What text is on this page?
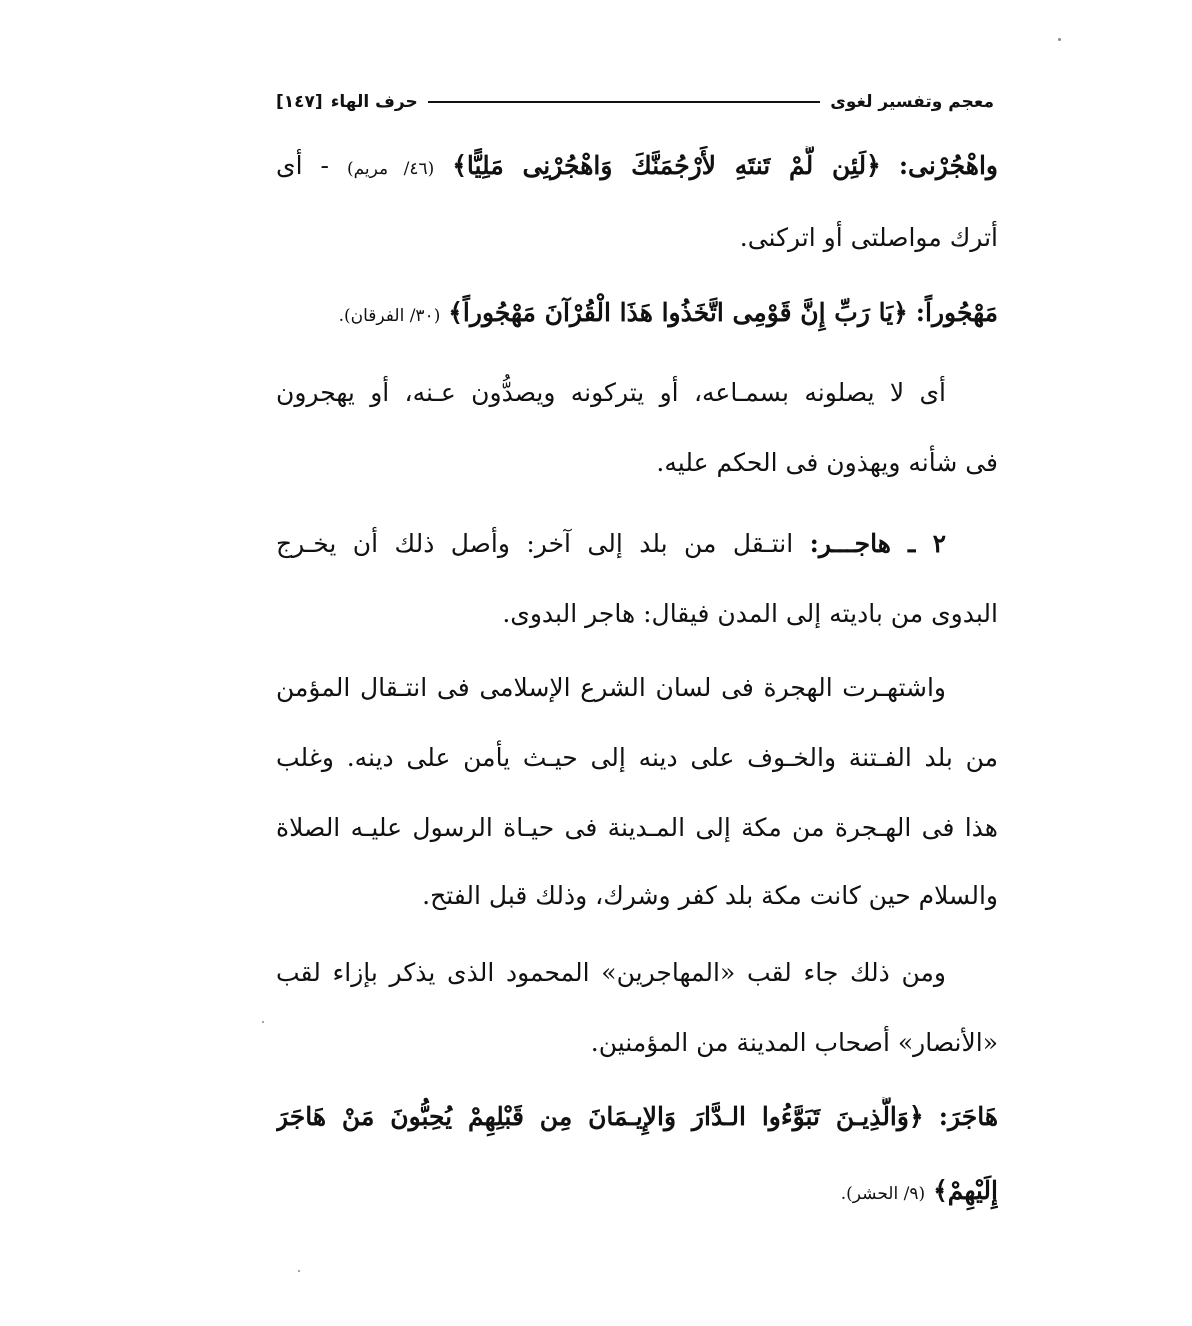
معجم وتفسير لغوى
حرف الهاء
[١٤٧]
واهْجُرْنى: ﴿لَئِن لَّمْ تَنتَهِ لأَرْجُمَنَّكَ وَاهْجُرْنِى مَلِيًّا﴾ (٤٦/ مريم) - أى
أترك مواصلتى أو اتركنى.
مَهْجُوراً: ﴿يَا رَبِّ إِنَّ قَوْمِى اتَّخَذُوا هَذَا الْقُرْآنَ مَهْجُوراً﴾ (٣٠/ الفرقان).
أى لا يصلونه بسمـاعه، أو يتركونه ويصدُّون عـنه، أو يهجرون
فى شأنه ويهذون فى الحكم عليه.
٢ ـ هاجـــر: انتـقل من بلد إلى آخر: وأصل ذلك أن يخـرج
البدوى من باديته إلى المدن فيقال: هاجر البدوى.
واشتهـرت الهجرة فى لسان الشرع الإسلامى فى انتـقال المؤمن
من بلد الفـتنة والخـوف على دينه إلى حيـث يأمن على دينه. وغلب
هذا فى الهـجرة من مكة إلى المـدينة فى حيـاة الرسول عليـه الصلاة
والسلام حين كانت مكة بلد كفر وشرك، وذلك قبل الفتح.
ومن ذلك جاء لقب «المهاجرين» المحمود الذى يذكر بإزاء لقب
«الأنصار» أصحاب المدينة من المؤمنين.
هَاجَرَ: ﴿وَالَّذِيـنَ تَبَوَّءُوا الـدَّارَ وَالإِيـمَانَ مِن قَبْلِهِمْ يُحِبُّونَ مَنْ هَاجَرَ
إِلَيْهِمْ﴾ (٩/ الحشر).
